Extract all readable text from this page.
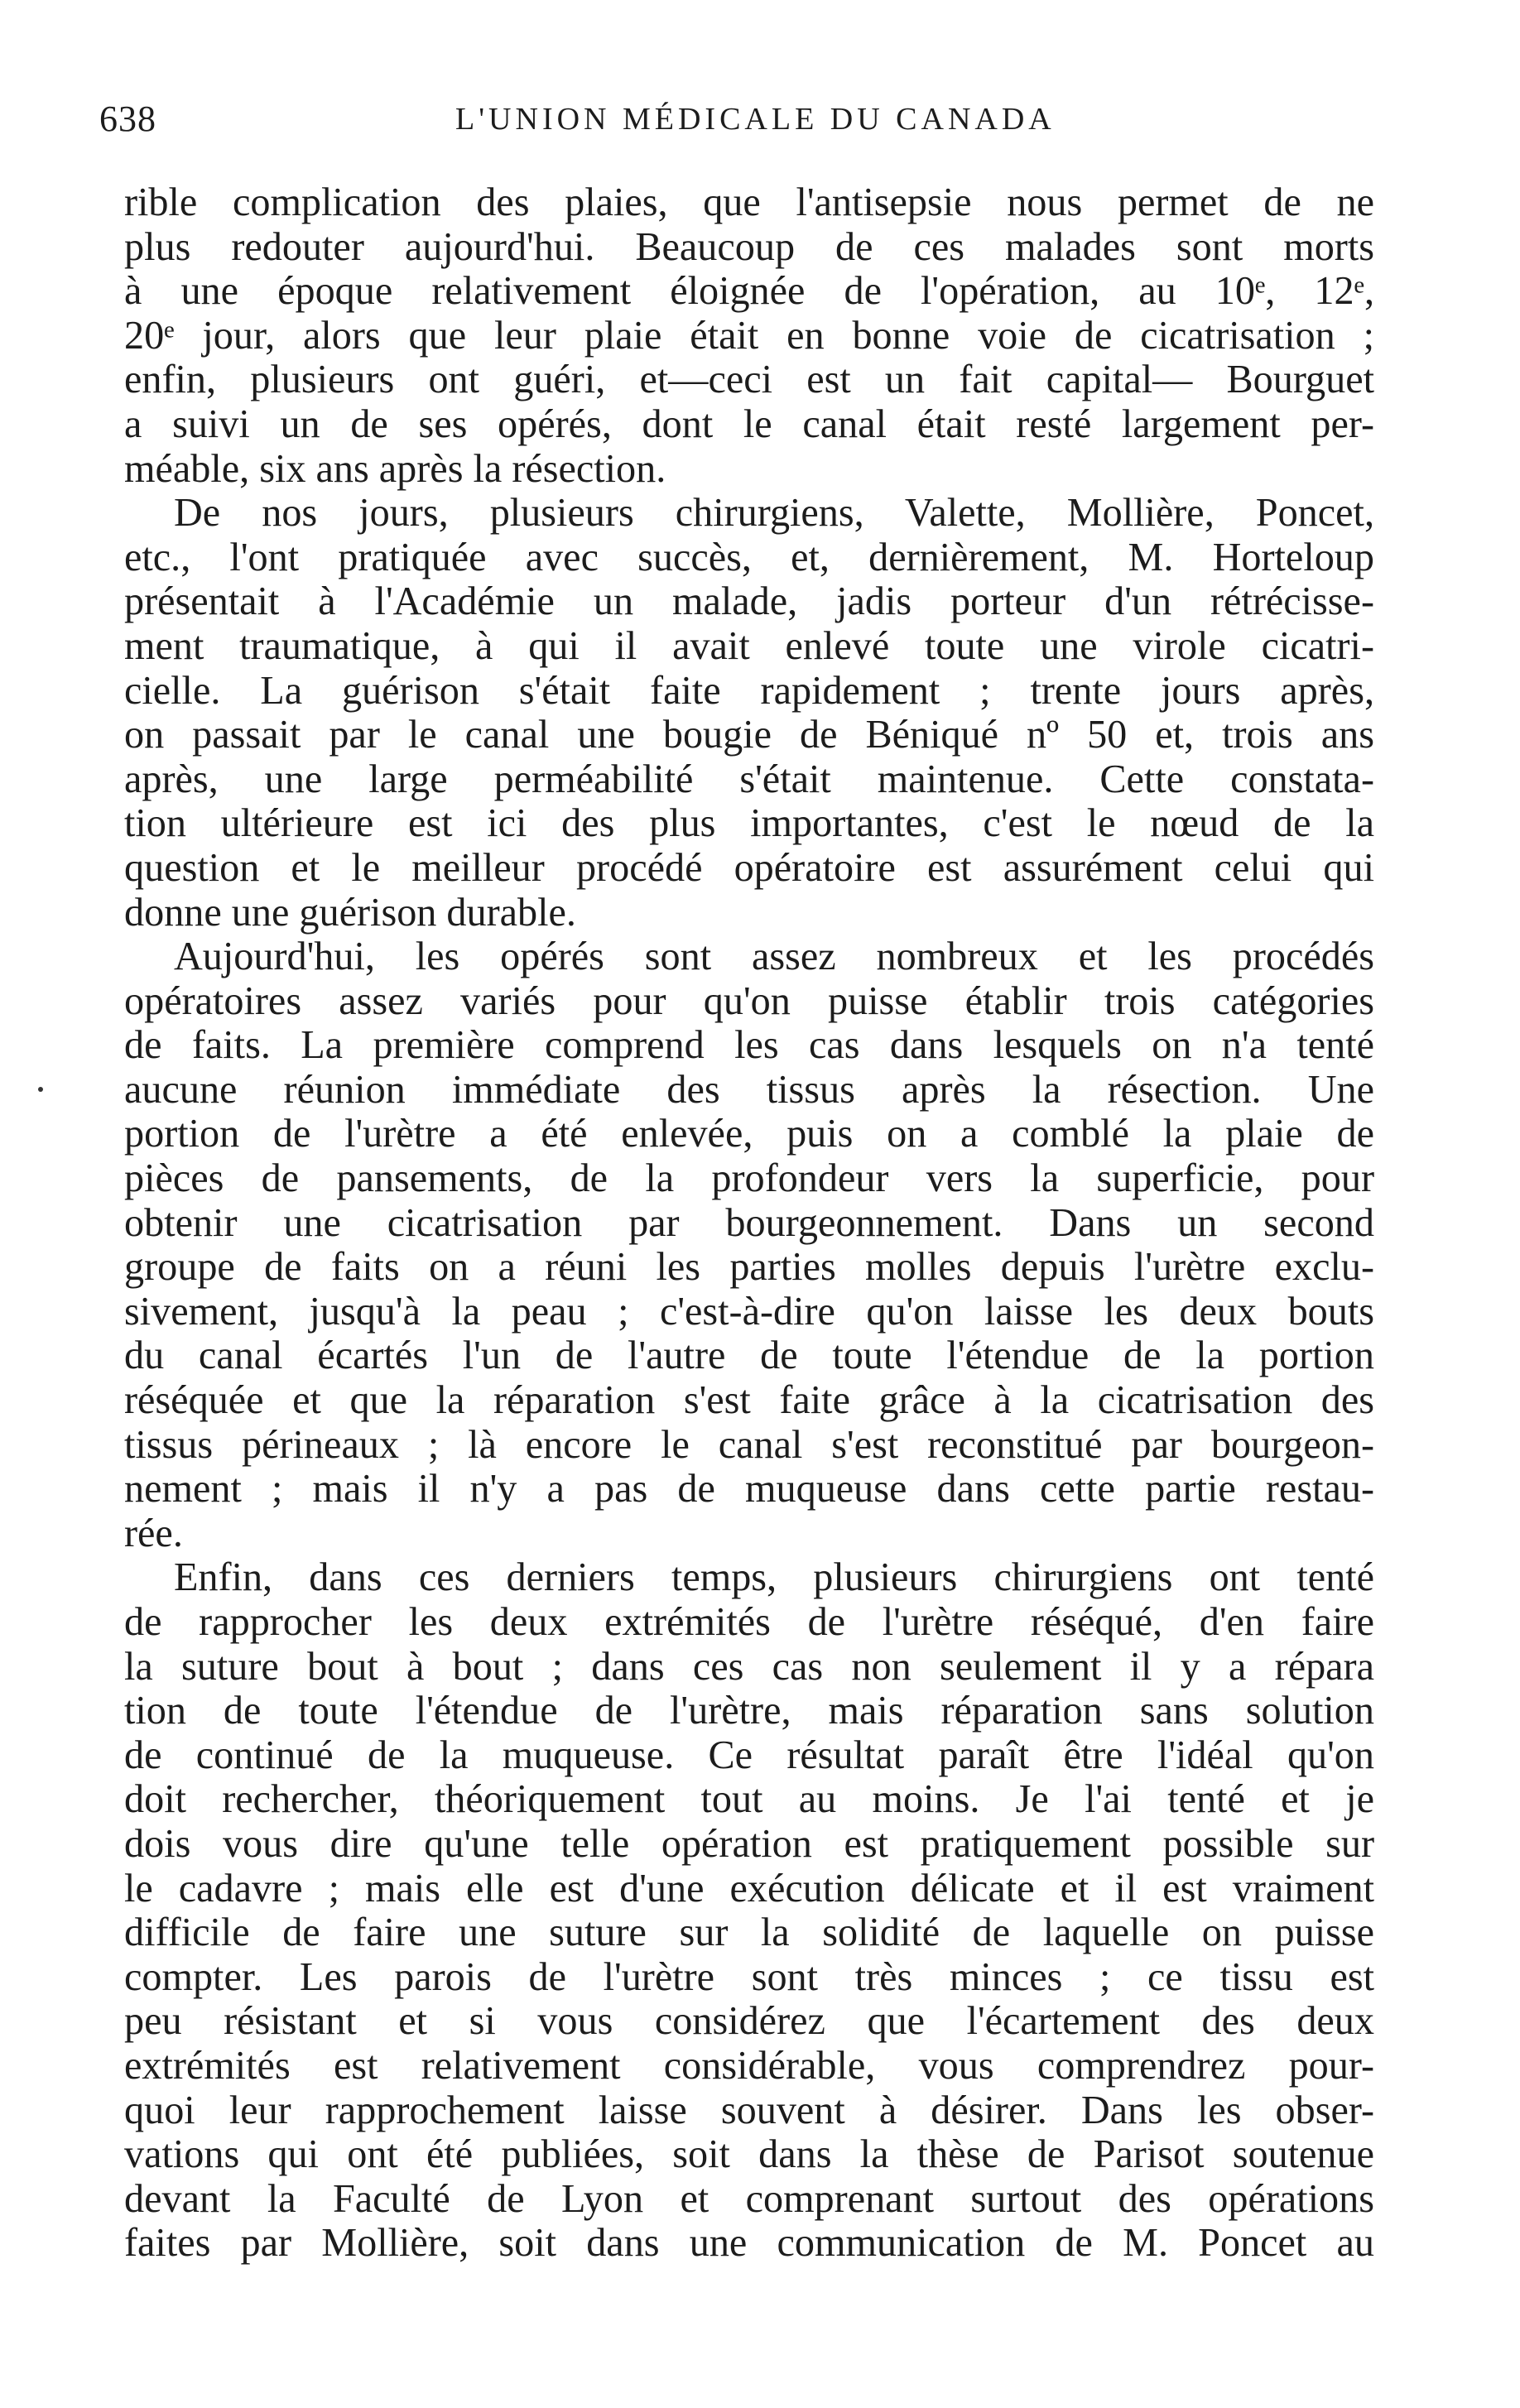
638	L'UNION MÉDICALE DU CANADA
rible complication des plaies, que l'antisepsie nous permet de ne
plus redouter aujourd'hui. Beaucoup de ces malades sont morts
à une époque relativement éloignée de l'opération, au 10ᵉ, 12ᵉ,
20ᵉ jour, alors que leur plaie était en bonne voie de cicatrisation ;
enfin, plusieurs ont guéri, et—ceci est un fait capital— Bourguet
a suivi un de ses opérés, dont le canal était resté largement per-
méable, six ans après la résection.
De nos jours, plusieurs chirurgiens, Valette, Mollière, Poncet,
etc., l'ont pratiquée avec succès, et, dernièrement, M. Horteloup
présentait à l'Académie un malade, jadis porteur d'un rétrécisse-
ment traumatique, à qui il avait enlevé toute une virole cicatri-
cielle. La guérison s'était faite rapidement ; trente jours après,
on passait par le canal une bougie de Béniqué nº 50 et, trois ans
après, une large perméabilité s'était maintenue. Cette constata-
tion ultérieure est ici des plus importantes, c'est le nœud de la
question et le meilleur procédé opératoire est assurément celui qui
donne une guérison durable.
Aujourd'hui, les opérés sont assez nombreux et les procédés
opératoires assez variés pour qu'on puisse établir trois catégories
de faits. La première comprend les cas dans lesquels on n'a tenté
aucune réunion immédiate des tissus après la résection. Une
portion de l'urètre a été enlevée, puis on a comblé la plaie de
pièces de pansements, de la profondeur vers la superficie, pour
obtenir une cicatrisation par bourgeonnement. Dans un second
groupe de faits on a réuni les parties molles depuis l'urètre exclu-
sivement, jusqu'à la peau ; c'est-à-dire qu'on laisse les deux bouts
du canal écartés l'un de l'autre de toute l'étendue de la portion
réséquée et que la réparation s'est faite grâce à la cicatrisation des
tissus périneaux ; là encore le canal s'est reconstitué par bourgeon-
nement ; mais il n'y a pas de muqueuse dans cette partie restau-
rée.
Enfin, dans ces derniers temps, plusieurs chirurgiens ont tenté
de rapprocher les deux extrémités de l'urètre réséqué, d'en faire
la suture bout à bout ; dans ces cas non seulement il y a répara
tion de toute l'étendue de l'urètre, mais réparation sans solution
de continué de la muqueuse. Ce résultat paraît être l'idéal qu'on
doit rechercher, théoriquement tout au moins. Je l'ai tenté et je
dois vous dire qu'une telle opération est pratiquement possible sur
le cadavre ; mais elle est d'une exécution délicate et il est vraiment
difficile de faire une suture sur la solidité de laquelle on puisse
compter. Les parois de l'urètre sont très minces ; ce tissu est
peu résistant et si vous considérez que l'écartement des deux
extrémités est relativement considérable, vous comprendrez pour-
quoi leur rapprochement laisse souvent à désirer. Dans les obser-
vations qui ont été publiées, soit dans la thèse de Parisot soutenue
devant la Faculté de Lyon et comprenant surtout des opérations
faites par Mollière, soit dans une communication de M. Poncet au
